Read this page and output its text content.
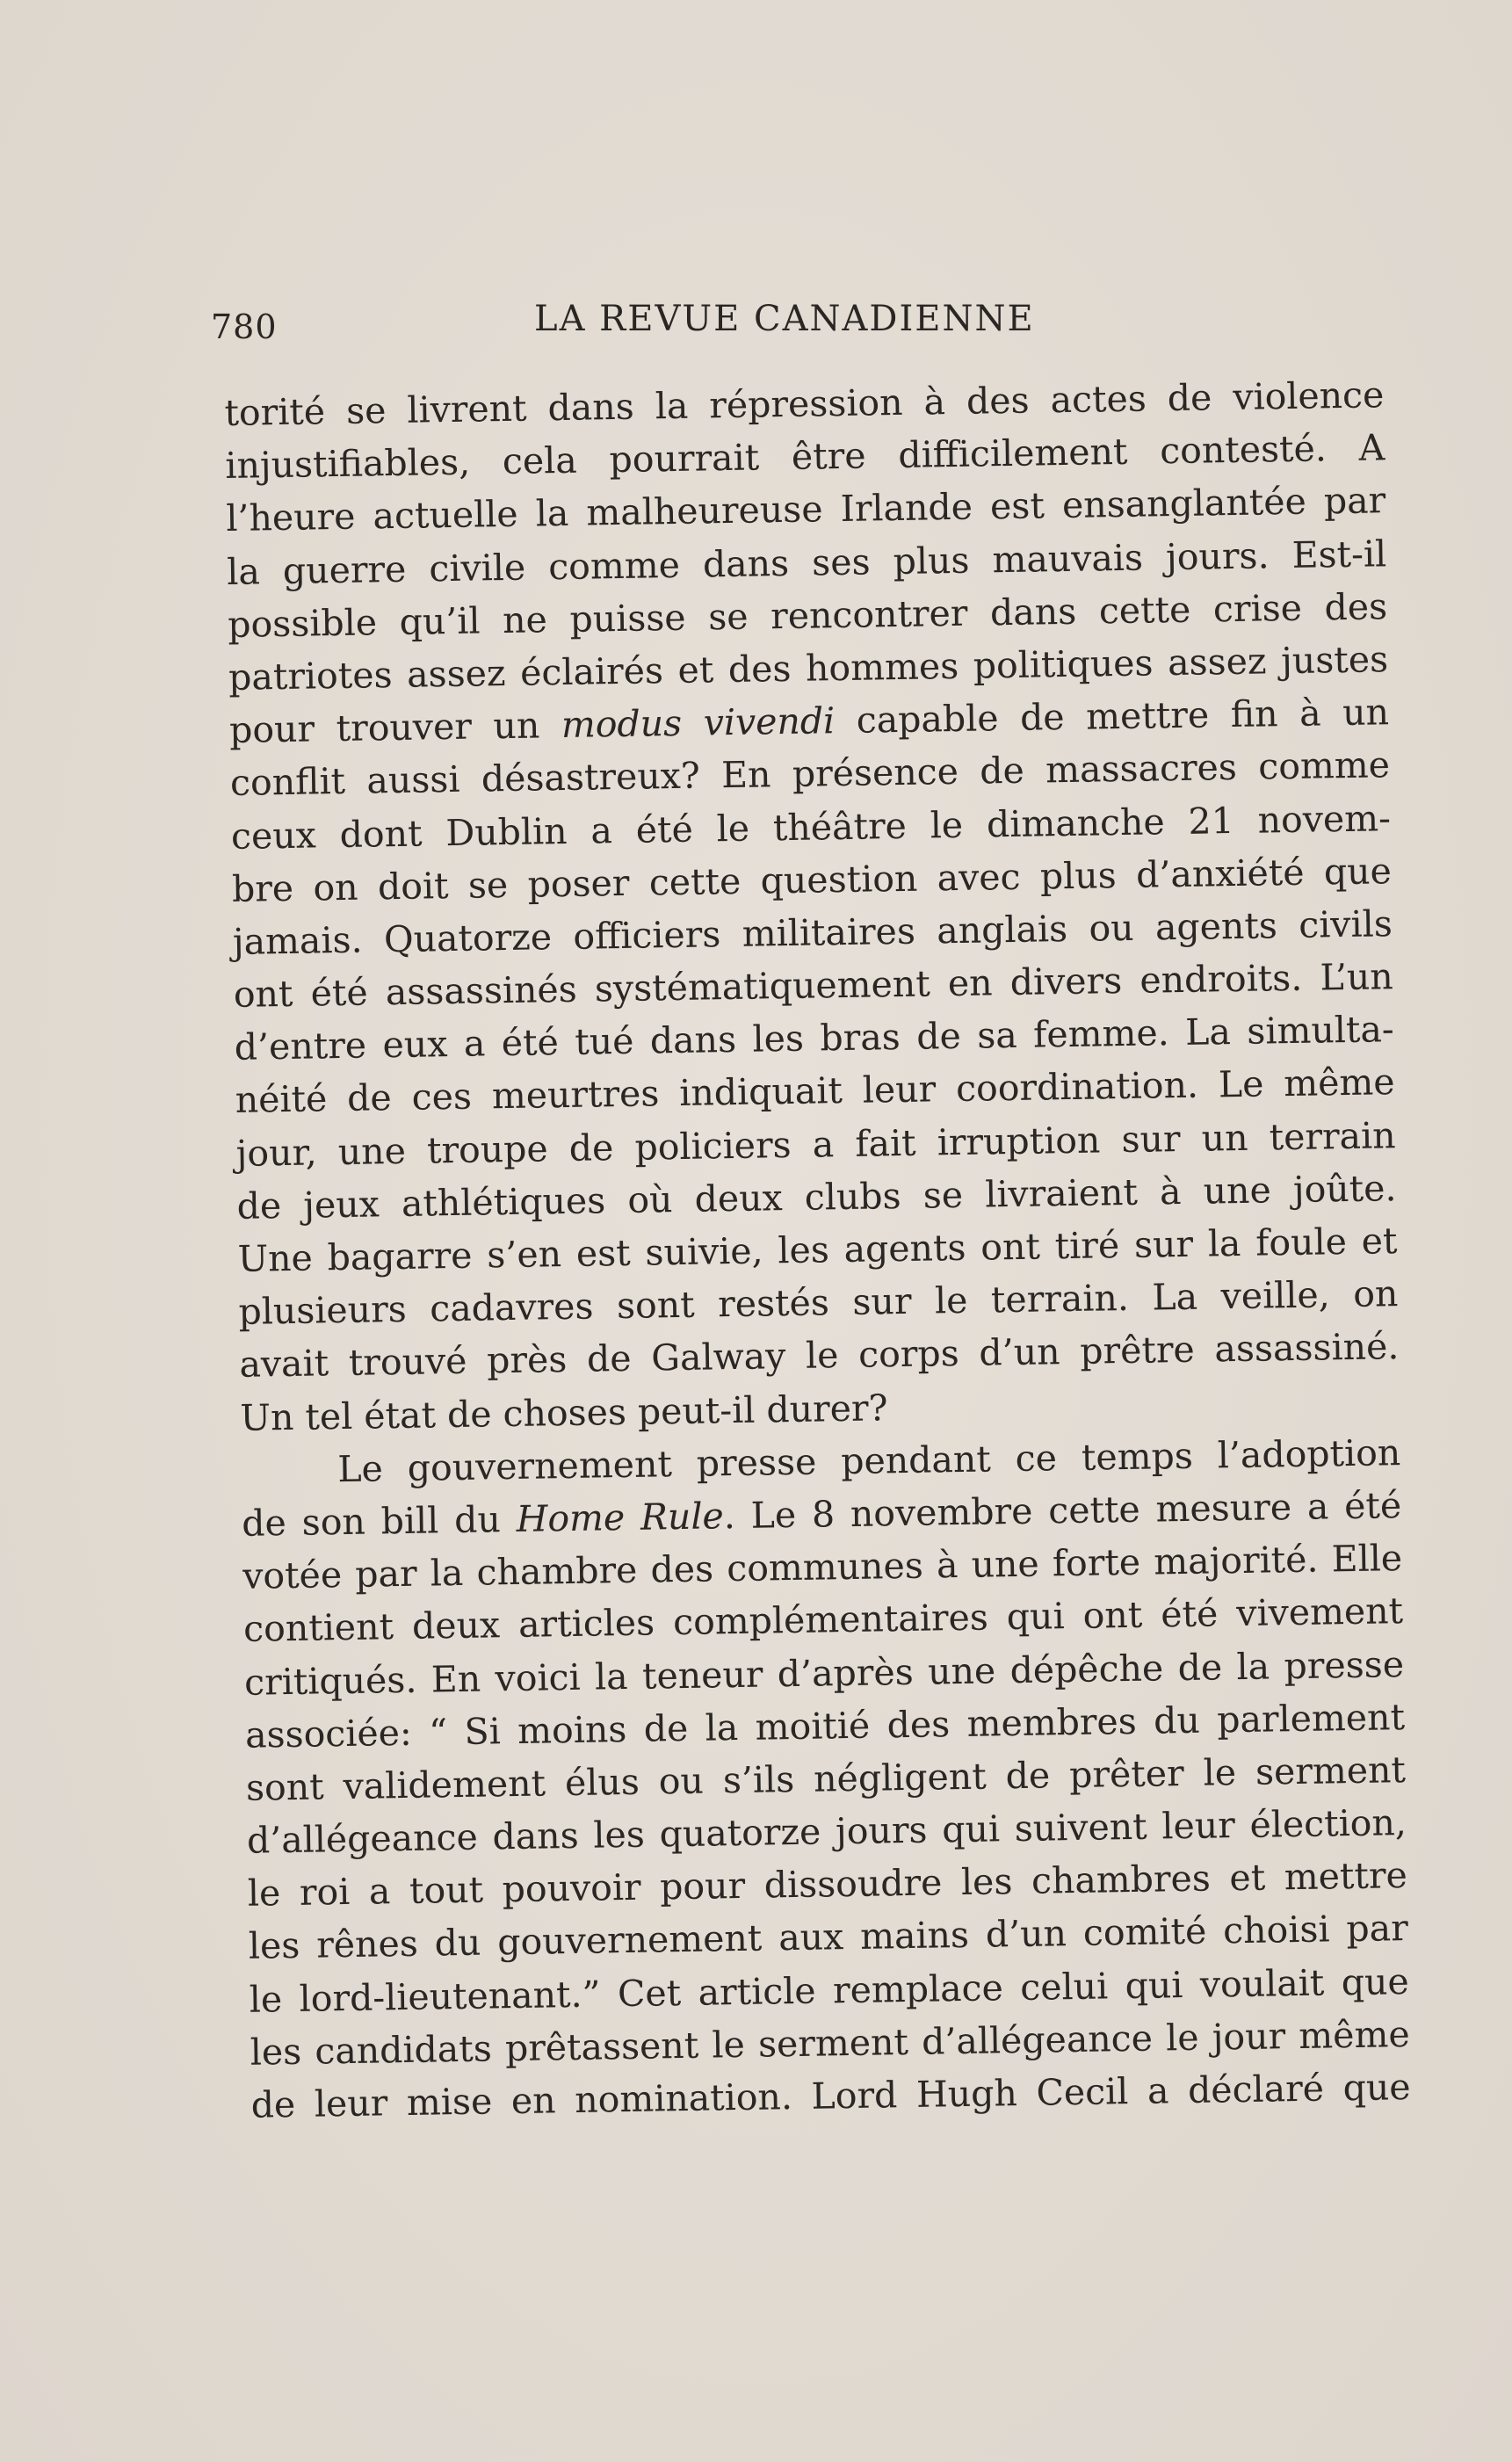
780	LA REVUE CANADIENNE
torité se livrent dans la répression à des actes de violence
injustifiables, cela pourrait être difficilement contesté. A
l’heure actuelle la malheureuse Irlande est ensanglantée par
la guerre civile comme dans ses plus mauvais jours. Est-il
possible qu’il ne puisse se rencontrer dans cette crise des
patriotes assez éclairés et des hommes politiques assez justes
pour trouver un modus vivendi capable de mettre fin à un
conflit aussi désastreux? En présence de massacres comme
ceux dont Dublin a été le théâtre le dimanche 21 novem-
bre on doit se poser cette question avec plus d’anxiété que
jamais. Quatorze officiers militaires anglais ou agents civils
ont été assassinés systématiquement en divers endroits. L’un
d’entre eux a été tué dans les bras de sa femme. La simulta-
néité de ces meurtres indiquait leur coordination. Le même
jour, une troupe de policiers a fait irruption sur un terrain
de jeux athlétiques où deux clubs se livraient à une joûte.
Une bagarre s’en est suivie, les agents ont tiré sur la foule et
plusieurs cadavres sont restés sur le terrain. La veille, on
avait trouvé près de Galway le corps d’un prêtre assassiné.
Un tel état de choses peut-il durer?
Le gouvernement presse pendant ce temps l’adoption
de son bill du Home Rule. Le 8 novembre cette mesure a été
votée par la chambre des communes à une forte majorité. Elle
contient deux articles complémentaires qui ont été vivement
critiqués. En voici la teneur d’après une dépêche de la presse
associée: “ Si moins de la moitié des membres du parlement
sont validement élus ou s’ils négligent de prêter le serment
d’allégeance dans les quatorze jours qui suivent leur élection,
le roi a tout pouvoir pour dissoudre les chambres et mettre
les rênes du gouvernement aux mains d’un comité choisi par
le lord-lieutenant.” Cet article remplace celui qui voulait que
les candidats prêtassent le serment d’allégeance le jour même
de leur mise en nomination. Lord Hugh Cecil a déclaré que
